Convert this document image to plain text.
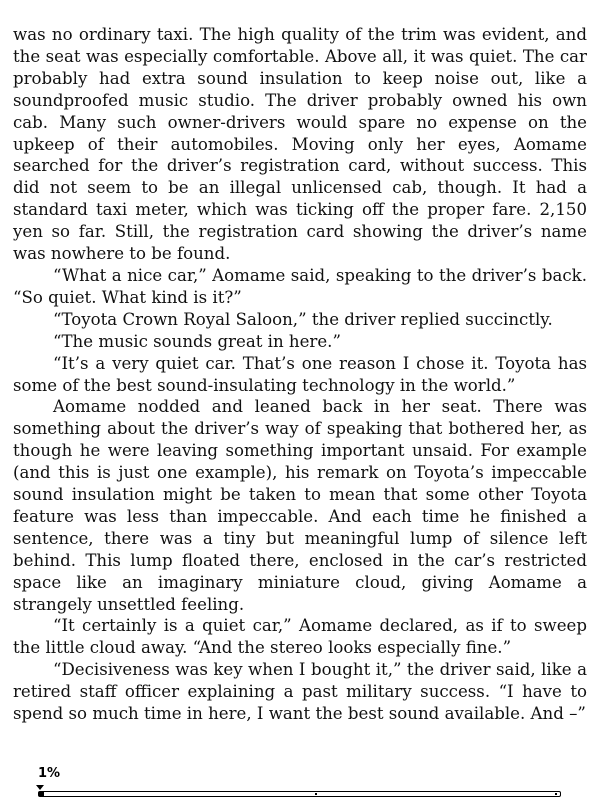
was no ordinary taxi. The high quality of the trim was evident, and the seat was especially comfortable. Above all, it was quiet. The car probably had extra sound insulation to keep noise out, like a soundproofed music studio. The driver probably owned his own cab. Many such owner-drivers would spare no expense on the upkeep of their automobiles. Moving only her eyes, Aomame searched for the driver’s registration card, without success. This did not seem to be an illegal unlicensed cab, though. It had a standard taxi meter, which was ticking off the proper fare. 2,150 yen so far. Still, the registration card showing the driver’s name was nowhere to be found.

“What a nice car,” Aomame said, speaking to the driver’s back. “So quiet. What kind is it?”

“Toyota Crown Royal Saloon,” the driver replied succinctly.

“The music sounds great in here.”

“It’s a very quiet car. That’s one reason I chose it. Toyota has some of the best sound-insulating technology in the world.”

Aomame nodded and leaned back in her seat. There was something about the driver’s way of speaking that bothered her, as though he were leaving something important unsaid. For example (and this is just one example), his remark on Toyota’s impeccable sound insulation might be taken to mean that some other Toyota feature was less than impeccable. And each time he finished a sentence, there was a tiny but meaningful lump of silence left behind. This lump floated there, enclosed in the car’s restricted space like an imaginary miniature cloud, giving Aomame a strangely unsettled feeling.

“It certainly is a quiet car,” Aomame declared, as if to sweep the little cloud away. “And the stereo looks especially fine.”

“Decisiveness was key when I bought it,” the driver said, like a retired staff officer explaining a past military success. “I have to spend so much time in here, I want the best sound available. And –”

1%
